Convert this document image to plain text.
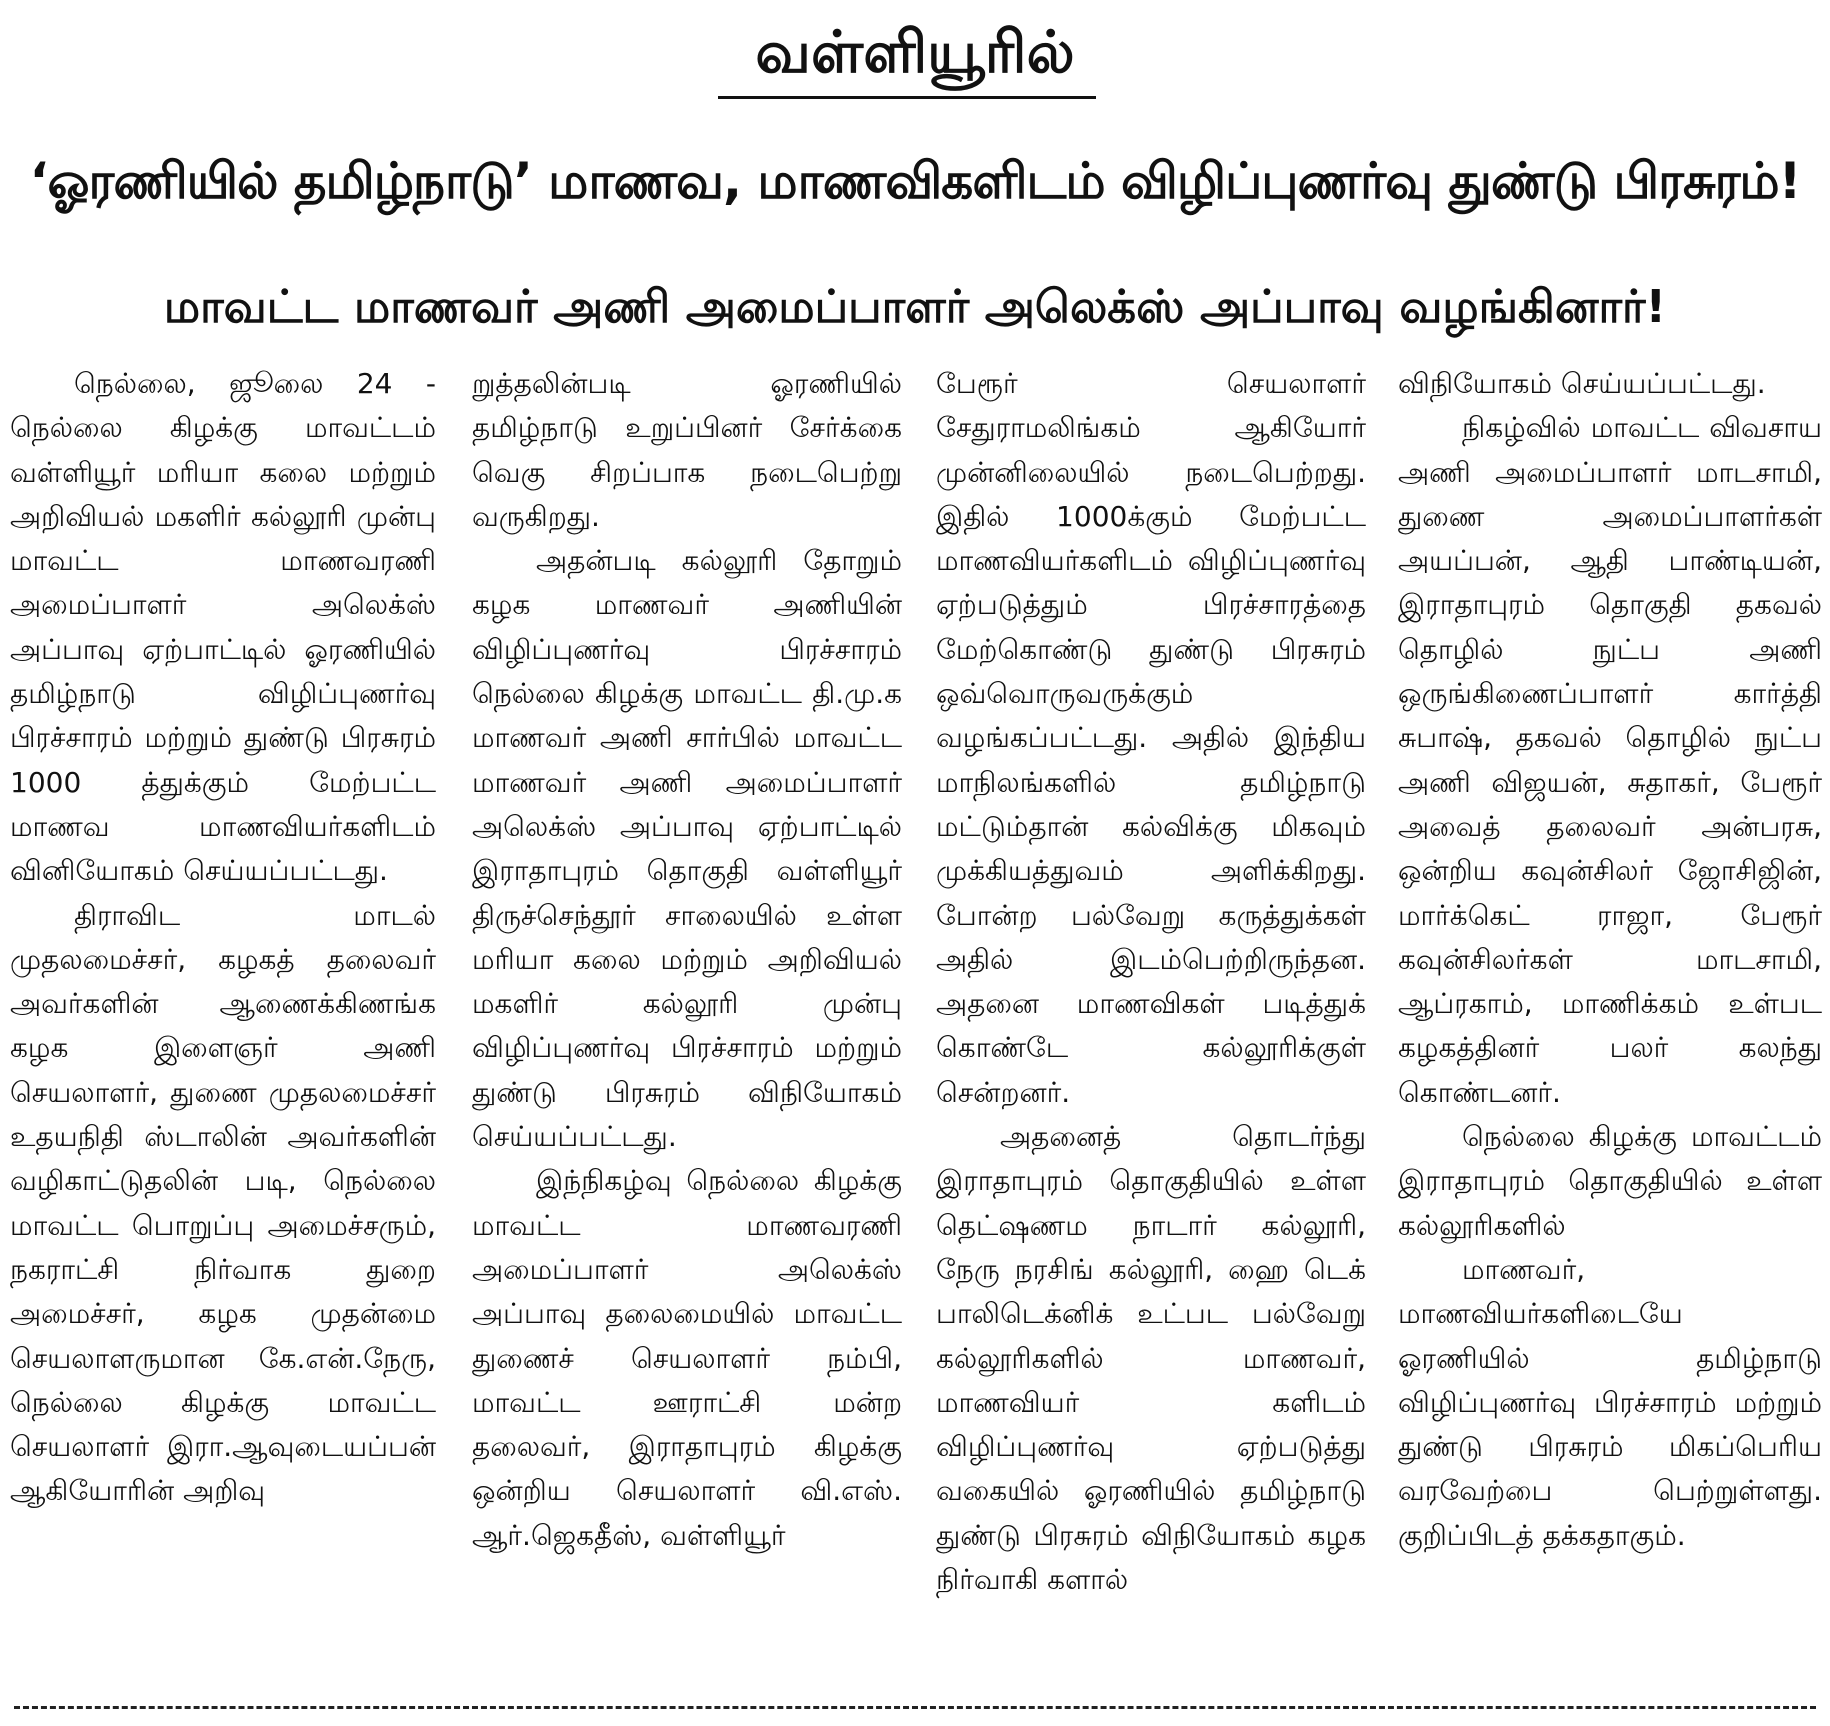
வள்ளியூரில்
‘ஓரணியில் தமிழ்நாடு’ மாணவ, மாணவிகளிடம் விழிப்புணர்வு துண்டு பிரசுரம்!
மாவட்ட மாணவர் அணி அமைப்பாளர் அலெக்ஸ் அப்பாவு வழங்கினார்!

நெல்லை, ஜூலை 24 - நெல்லை கிழக்கு மாவட்டம் வள்ளியூர் மரியா கலை மற்றும் அறிவியல் மகளிர் கல்லூரி முன்பு மாவட்ட மாணவரணி அமைப்பாளர் அலெக்ஸ் அப்பாவு ஏற்பாட்டில் ஓரணியில் தமிழ்நாடு விழிப்புணர்வு பிரச்சாரம் மற்றும் துண்டு பிரசுரம் 1000 த்துக்கும் மேற்பட்ட மாணவ மாணவியர்களிடம் வினியோகம் செய்யப்பட்டது.

திராவிட மாடல் முதலமைச்சர், கழகத் தலைவர் அவர்களின் ஆணைக்கிணங்க கழக இளைஞர் அணி செயலாளர், துணை முதலமைச்சர் உதயநிதி ஸ்டாலின் அவர்களின் வழிகாட்டுதலின் படி, நெல்லை மாவட்ட பொறுப்பு அமைச்சரும், நகராட்சி நிர்வாக துறை அமைச்சர், கழக முதன்மை செயலாளருமான கே.என்.நேரு, நெல்லை கிழக்கு மாவட்ட செயலாளர் இரா.ஆவுடையப்பன் ஆகியோரின் அறிவு

றுத்தலின்படி ஓரணியில் தமிழ்நாடு உறுப்பினர் சேர்க்கை வெகு சிறப்பாக நடைபெற்று வருகிறது.

அதன்படி கல்லூரி தோறும் கழக மாணவர் அணியின் விழிப்புணர்வு பிரச்சாரம் நெல்லை கிழக்கு மாவட்ட தி.மு.க மாணவர் அணி சார்பில் மாவட்ட மாணவர் அணி அமைப்பாளர் அலெக்ஸ் அப்பாவு ஏற்பாட்டில் இராதாபுரம் தொகுதி வள்ளியூர் திருச்செந்தூர் சாலையில் உள்ள மரியா கலை மற்றும் அறிவியல் மகளிர் கல்லூரி முன்பு விழிப்புணர்வு பிரச்சாரம் மற்றும் துண்டு பிரசுரம் விநியோகம் செய்யப்பட்டது.

இந்நிகழ்வு நெல்லை கிழக்கு மாவட்ட மாணவரணி அமைப்பாளர் அலெக்ஸ் அப்பாவு தலைமையில் மாவட்ட துணைச் செயலாளர் நம்பி, மாவட்ட ஊராட்சி மன்ற தலைவர், இராதாபுரம் கிழக்கு ஒன்றிய செயலாளர் வி.எஸ். ஆர்.ஜெகதீஸ், வள்ளியூர்

பேரூர் செயலாளர் சேதுராமலிங்கம் ஆகியோர் முன்னிலையில் நடைபெற்றது. இதில் 1000க்கும் மேற்பட்ட மாணவியர்களிடம் விழிப்புணர்வு ஏற்படுத்தும் பிரச்சாரத்தை மேற்கொண்டு துண்டு பிரசுரம் ஒவ்வொருவருக்கும் வழங்கப்பட்டது. அதில் இந்திய மாநிலங்களில் தமிழ்நாடு மட்டும்தான் கல்விக்கு மிகவும் முக்கியத்துவம் அளிக்கிறது. போன்ற பல்வேறு கருத்துக்கள் அதில் இடம்பெற்றிருந்தன. அதனை மாணவிகள் படித்துக் கொண்டே கல்லூரிக்குள் சென்றனர்.

அதனைத் தொடர்ந்து இராதாபுரம் தொகுதியில் உள்ள தெட்ஷணம நாடார் கல்லூரி, நேரு நரசிங் கல்லூரி, ஹை டெக் பாலிடெக்னிக் உட்பட பல்வேறு கல்லூரிகளில் மாணவர், மாணவியர் களிடம் விழிப்புணர்வு ஏற்படுத்து வகையில் ஓரணியில் தமிழ்நாடு துண்டு பிரசுரம் விநியோகம் கழக நிர்வாகி களால்

விநியோகம் செய்யப்பட்டது.

நிகழ்வில் மாவட்ட விவசாய அணி அமைப்பாளர் மாடசாமி, துணை அமைப்பாளர்கள் அயப்பன், ஆதி பாண்டியன், இராதாபுரம் தொகுதி தகவல் தொழில் நுட்ப அணி ஒருங்கிணைப்பாளர் கார்த்தி சுபாஷ், தகவல் தொழில் நுட்ப அணி விஜயன், சுதாகர், பேரூர் அவைத் தலைவர் அன்பரசு, ஒன்றிய கவுன்சிலர் ஜோசிஜின், மார்க்கெட் ராஜா, பேரூர் கவுன்சிலர்கள் மாடசாமி, ஆப்ரகாம், மாணிக்கம் உள்பட கழகத்தினர் பலர் கலந்து கொண்டனர்.

நெல்லை கிழக்கு மாவட்டம் இராதாபுரம் தொகுதியில் உள்ள கல்லூரிகளில்

மாணவர், மாணவியர்களிடையே ஓரணியில் தமிழ்நாடு விழிப்புணர்வு பிரச்சாரம் மற்றும் துண்டு பிரசுரம் மிகப்பெரிய வரவேற்பை பெற்றுள்ளது. குறிப்பிடத் தக்கதாகும்.
